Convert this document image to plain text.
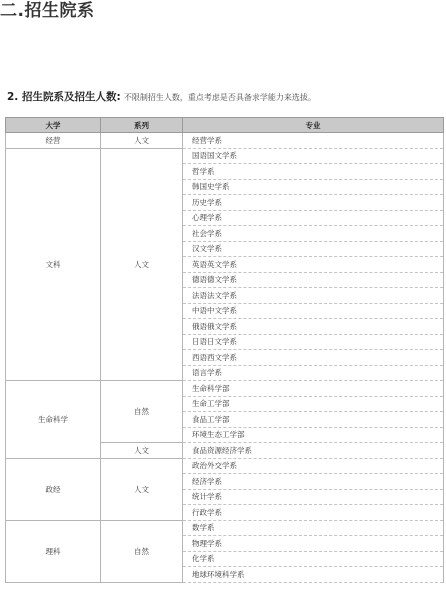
二.招生院系

2. 招生院系及招生人数: 不限制招生人数，重点考虑是否具备求学能力来选拔。

大学	系列	专业
经营	人文	经营学系
文科	人文	国语国文学系
		哲学系
		韩国史学系
		历史学系
		心理学系
		社会学系
		汉文学系
		英语英文学系
		德语德文学系
		法语法文学系
		中语中文学系
		俄语俄文学系
		日语日文学系
		西语西文学系
		语言学系
生命科学	自然	生命科学部
		生命工学部
		食品工学部
		环境生态工学部
	人文	食品资源经济学系
政经	人文	政治外交学系
		经济学系
		统计学系
		行政学系
理科	自然	数学系
		物理学系
		化学系
		地球环境科学系
